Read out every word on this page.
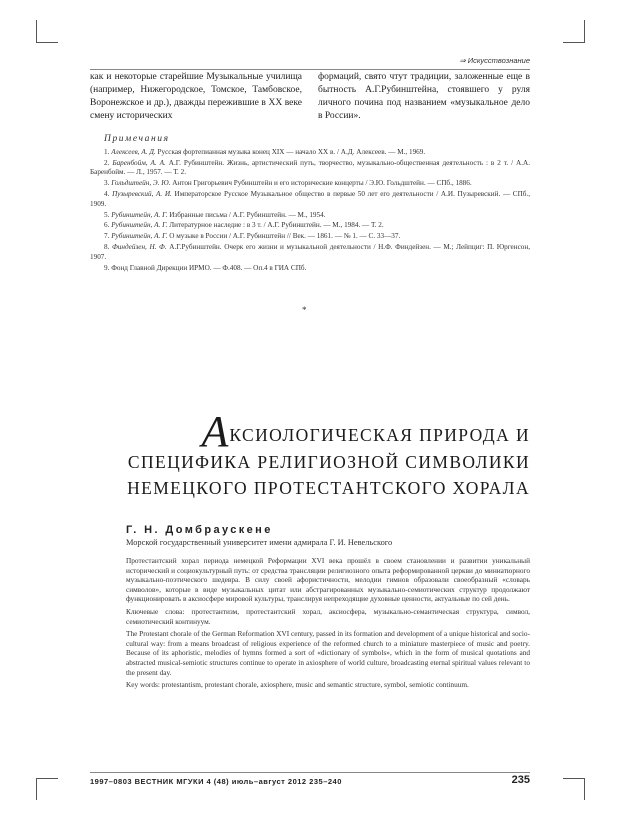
⇒ Искусствознание
как и некоторые старейшие Музыкальные училища (например, Нижегородское, Томское, Тамбовское, Воронежское и др.), дважды пережившие в XX веке смену исторических
формаций, свято чтут традиции, заложенные еще в бытность А.Г.Рубинштейна, стоявшего у руля личного почина под названием «музыкальное дело в России».
Примечания

1. Алексеев, А. Д. Русская фортепианная музыка конец XIX — начало XX в. / А.Д. Алексеев. — М., 1969.

2. Баренбойм, А. А. А.Г. Рубинштейн. Жизнь, артистический путь, творчество, музыкально-общественная деятельность : в 2 т. / А.А. Баренбойм. — Л., 1957. — Т. 2.

3. Гольдштейн, Э. Ю. Антон Григорьевич Рубинштейн и его исторические концерты / Э.Ю. Гольдштейн. — СПб., 1886.

4. Пузыревский, А. И. Императорское Русское Музыкальное общество в первые 50 лет его деятельности / А.И. Пузыревский. — СПб., 1909.

5. Рубинштейн, А. Г. Избранные письма / А.Г. Рубинштейн. — М., 1954.

6. Рубинштейн, А. Г. Литературное наследие : в 3 т. / А.Г. Рубинштейн. — М., 1984. — Т. 2.

7. Рубинштейн, А. Г. О музыке в России / А.Г. Рубинштейн // Век. — 1861. — № 1. — С. 33—37.

8. Финдейзен, Н. Ф. А.Г.Рубинштейн. Очерк его жизни и музыкальной деятельности / Н.Ф. Финдейзен. — М.; Лейпциг: П. Юргенсон, 1907.

9. Фонд Главной Дирекции ИРМО. — Ф.408. — Оп.4 в ГИА СПб.

*
АКСИОЛОГИЧЕСКАЯ ПРИРОДА И
СПЕЦИФИКА РЕЛИГИОЗНОЙ СИМВОЛИКИ
НЕМЕЦКОГО ПРОТЕСТАНТСКОГО ХОРАЛА
Г. Н. Домбраускене
Морской государственный университет имени адмирала Г. И. Невельского

Протестантский хорал периода немецкой Реформации XVI века прошёл в своем становлении и развитии уникальный исторический и социокультурный путь: от средства трансляции религиозного опыта реформированной церкви до миниатюрного музыкально-поэтического шедевра. В силу своей афористичности, мелодии гимнов образовали своеобразный «словарь символов», которые в виде музыкальных цитат или абстрагированных музыкально-семиотических структур продолжают функционировать в аксиосфере мировой культуры, транслируя непреходящие духовные ценности, актуальные по сей день.

Ключевые слова: протестантизм, протестантский хорал, аксиосфера, музыкально-семантическая структура, символ, семиотический континуум.

The Protestant chorale of the German Reformation XVI century, passed in its formation and development of a unique historical and socio-cultural way: from a means broadcast of religious experience of the reformed church to a miniature masterpiece of music and poetry. Because of its aphoristic, melodies of hymns formed a sort of «dictionary of symbols», which in the form of musical quotations and abstracted musical-semiotic structures continue to operate in axiosphere of world culture, broadcasting eternal spiritual values relevant to the present day.

Key words: protestantism, protestant chorale, axiosphere, music and semantic structure, symbol, semiotic continuum.

1997–0803 ВЕСТНИК МГУКИ 4 (48) июль–август 2012 235–240	235
